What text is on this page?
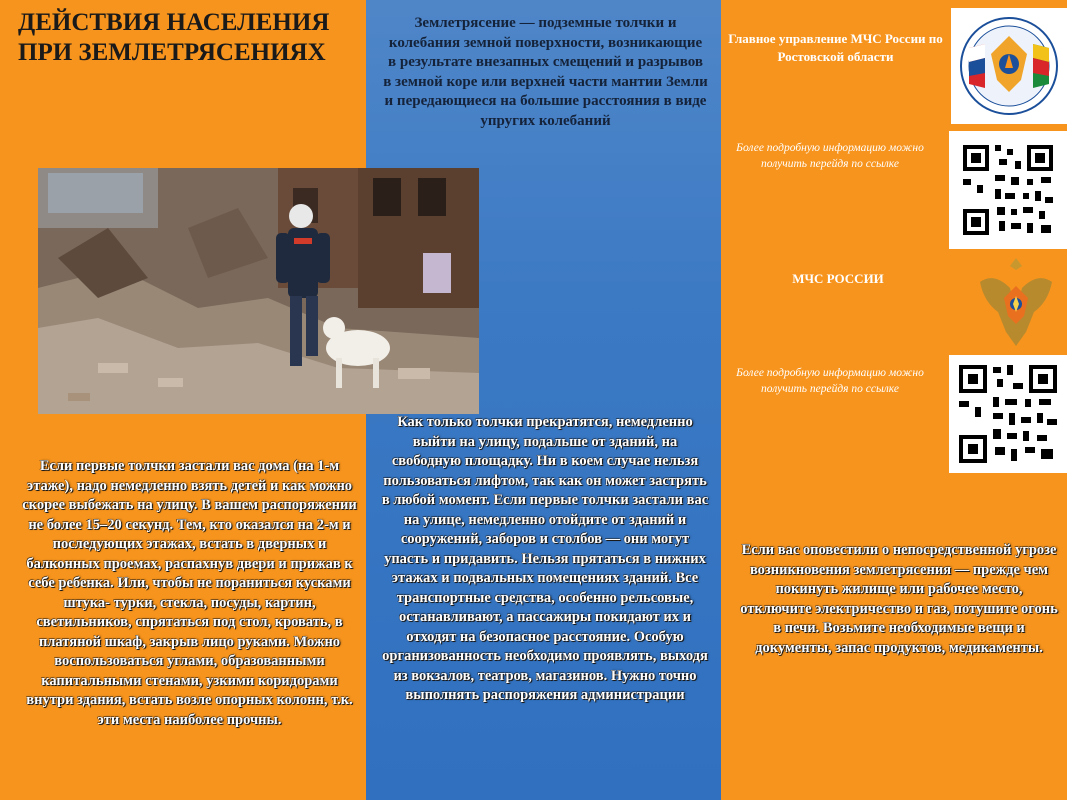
ДЕЙСТВИЯ НАСЕЛЕНИЯ ПРИ ЗЕМЛЕТРЯСЕНИЯХ
Землетрясение — подземные толчки и колебания земной поверхности, возникающие в результате внезапных смещений и разрывов в земной коре или верхней части мантии Земли и передающиеся на большие расстояния в виде упругих колебаний
Если первые толчки застали вас дома (на 1-м этаже), надо немедленно взять детей и как можно скорее выбежать на улицу. В вашем распоряжении не более 15–20 секунд. Тем, кто оказался на 2-м и последующих этажах, встать в дверных и балконных проемах, распахнув двери и прижав к себе ребенка. Или, чтобы не пораниться кусками штука- турки, стекла, посуды, картин, светильников, спрятаться под стол, кровать, в платяной шкаф, закрыв лицо руками. Можно воспользоваться углами, образованными капитальными стенами, узкими коридорами внутри здания, встать возле опорных колонн, т.к. эти места наиболее прочны.
Как только толчки прекратятся, немедленно выйти на улицу, подальше от зданий, на свободную площадку. Ни в коем случае нельзя пользоваться лифтом, так как он может застрять в любой момент. Если первые толчки застали вас на улице, немедленно отойдите от зданий и сооружений, заборов и столбов — они могут упасть и придавить. Нельзя прятаться в нижних этажах и подвальных помещениях зданий. Все транспортные средства, особенно рельсовые, останавливают, а пассажиры покидают их и отходят на безопасное расстояние. Особую организованность необходимо проявлять, выходя из вокзалов, театров, магазинов. Нужно точно выполнять распоряжения администрации
Если вас оповестили о непосредственной угрозе возникновения землетрясения — прежде чем покинуть жилище или рабочее место, отключите электричество и газ, потушите огонь в печи. Возьмите необходимые вещи и документы, запас продуктов, медикаменты.
Главное управление МЧС России по Ростовской области
Более подробную информацию можно получить перейдя по ссылке
Более подробную информацию можно получить перейдя по ссылке
МЧС РОССИИ
